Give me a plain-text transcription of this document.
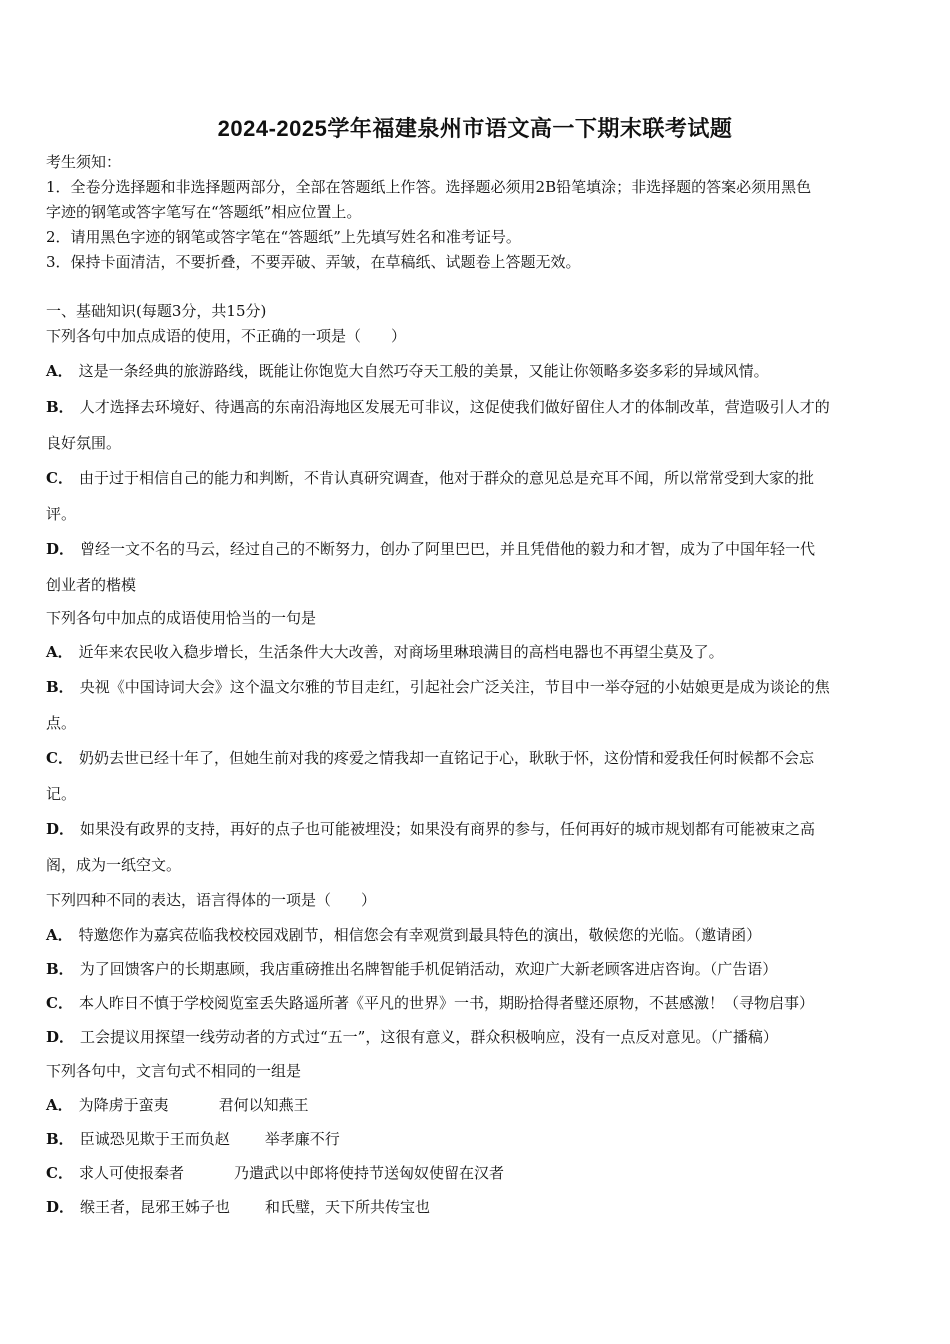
2024-2025学年福建泉州市语文高一下期末联考试题
考生须知：
1．全卷分选择题和非选择题两部分，全部在答题纸上作答。选择题必须用2B铅笔填涂；非选择题的答案必须用黑色
字迹的钢笔或答字笔写在“答题纸”相应位置上。
2．请用黑色字迹的钢笔或答字笔在“答题纸”上先填写姓名和准考证号。
3．保持卡面清洁，不要折叠，不要弄破、弄皱，在草稿纸、试题卷上答题无效。
一、基础知识(每题3分，共15分)
下列各句中加点成语的使用，不正确的一项是（　　）
A． 这是一条经典的旅游路线，既能让你饱览大自然巧夺天工般的美景，又能让你领略多姿多彩的异域风情。
B． 人才选择去环境好、待遇高的东南沿海地区发展无可非议，这促使我们做好留住人才的体制改革，营造吸引人才的
良好氛围。
C． 由于过于相信自己的能力和判断，不肯认真研究调查，他对于群众的意见总是充耳不闻，所以常常受到大家的批
评。
D． 曾经一文不名的马云，经过自己的不断努力，创办了阿里巴巴，并且凭借他的毅力和才智，成为了中国年轻一代
创业者的楷模
下列各句中加点的成语使用恰当的一句是
A． 近年来农民收入稳步增长，生活条件大大改善，对商场里琳琅满目的高档电器也不再望尘莫及了。
B． 央视《中国诗词大会》这个温文尔雅的节目走红，引起社会广泛关注，节目中一举夺冠的小姑娘更是成为谈论的焦
点。
C． 奶奶去世已经十年了，但她生前对我的疼爱之情我却一直铭记于心，耿耿于怀，这份情和爱我任何时候都不会忘
记。
D． 如果没有政界的支持，再好的点子也可能被埋没；如果没有商界的参与，任何再好的城市规划都有可能被束之高
阁，成为一纸空文。
下列四种不同的表达，语言得体的一项是（　　）
A． 特邀您作为嘉宾莅临我校校园戏剧节，相信您会有幸观赏到最具特色的演出，敬候您的光临。（邀请函）
B． 为了回馈客户的长期惠顾，我店重磅推出名牌智能手机促销活动，欢迎广大新老顾客进店咨询。（广告语）
C． 本人昨日不慎于学校阅览室丢失路遥所著《平凡的世界》一书，期盼拾得者璧还原物，不甚感激！（寻物启事）
D． 工会提议用探望一线劳动者的方式过“五一”，这很有意义，群众积极响应，没有一点反对意见。（广播稿）
下列各句中，文言句式不相同的一组是
A． 为降虏于蛮夷	君何以知燕王
B． 臣诚恐见欺于王而负赵 举孝廉不行
C． 求人可使报秦者	乃遣武以中郎将使持节送匈奴使留在汉者
D． 缑王者，昆邪王姊子也 和氏璧，天下所共传宝也
